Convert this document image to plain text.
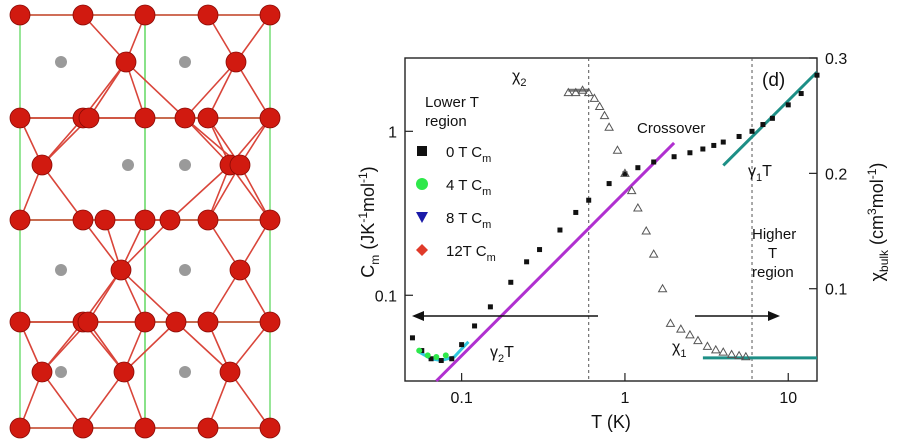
0.1	1	10
0.1
1
0.1
0.2
0.3
(d)
Lower T region	Crossover
Higher T region
$\chi_2$
$\chi_1$
$\gamma_1T$
$\gamma_2T$
0 T $C_m$
4 T $C_m$
8 T $C_m$
12T $C_m$
T (K)
$C_m$ $(JK^{-1}mol^{-1})$
$\chi_{bulk}$ $(cm^3mol^{-1})$
